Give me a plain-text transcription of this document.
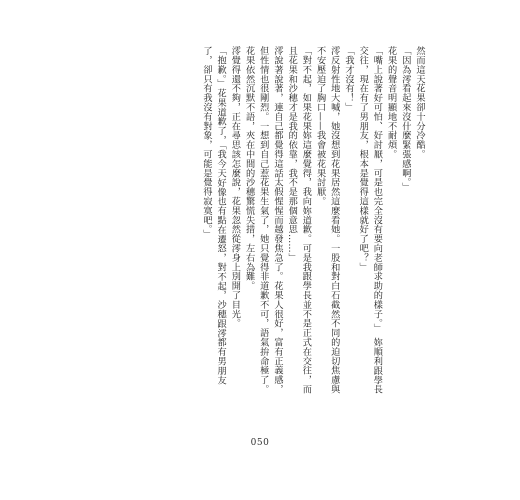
然而這天花果卻十分冷酷。
「因為澪看起來沒什麼緊張感啊。」
花果的聲音明顯地不耐煩。
「嘴上說著好可怕、好討厭，可是也完全沒有要向老師求助的樣子。」　妳順利跟學長
交往，現在有了男朋友，根本是覺得這樣就好了吧？」
「我才沒有！」
澪反射性地大喊，她沒想到花果居然這麼看她。一股和對白石截然不同的迫切焦慮與
不安壓迫了胸口——我會被花果討厭。
「對不起，如果花果妳這麼覺得，我向妳道歉。可是我跟學長並不是正式在交往，而
且花果和沙穗才是我的依靠，我不是那個意思……」
澪說著說著，連自己都覺得這話太假惺惺而越發焦急了。花果人很好，富有正義感，
但性情也很剛烈。一想到自己惹花果生氣了，她只覺得非道歉不可，語氣拚命極了。
花果依然沉默不語，夾在中間的沙穗驚慌失措，左右為難。
澪覺得還不夠，正在尋思該怎麼說，花果忽然從澪身上別開了目光。
「抱歉。」花果道歉了，「我今天好像也有點在遷怒，對不起，沙穗跟澪都有男朋友
了，卻只有我沒有對象，可能是覺得寂寞吧。」
050
